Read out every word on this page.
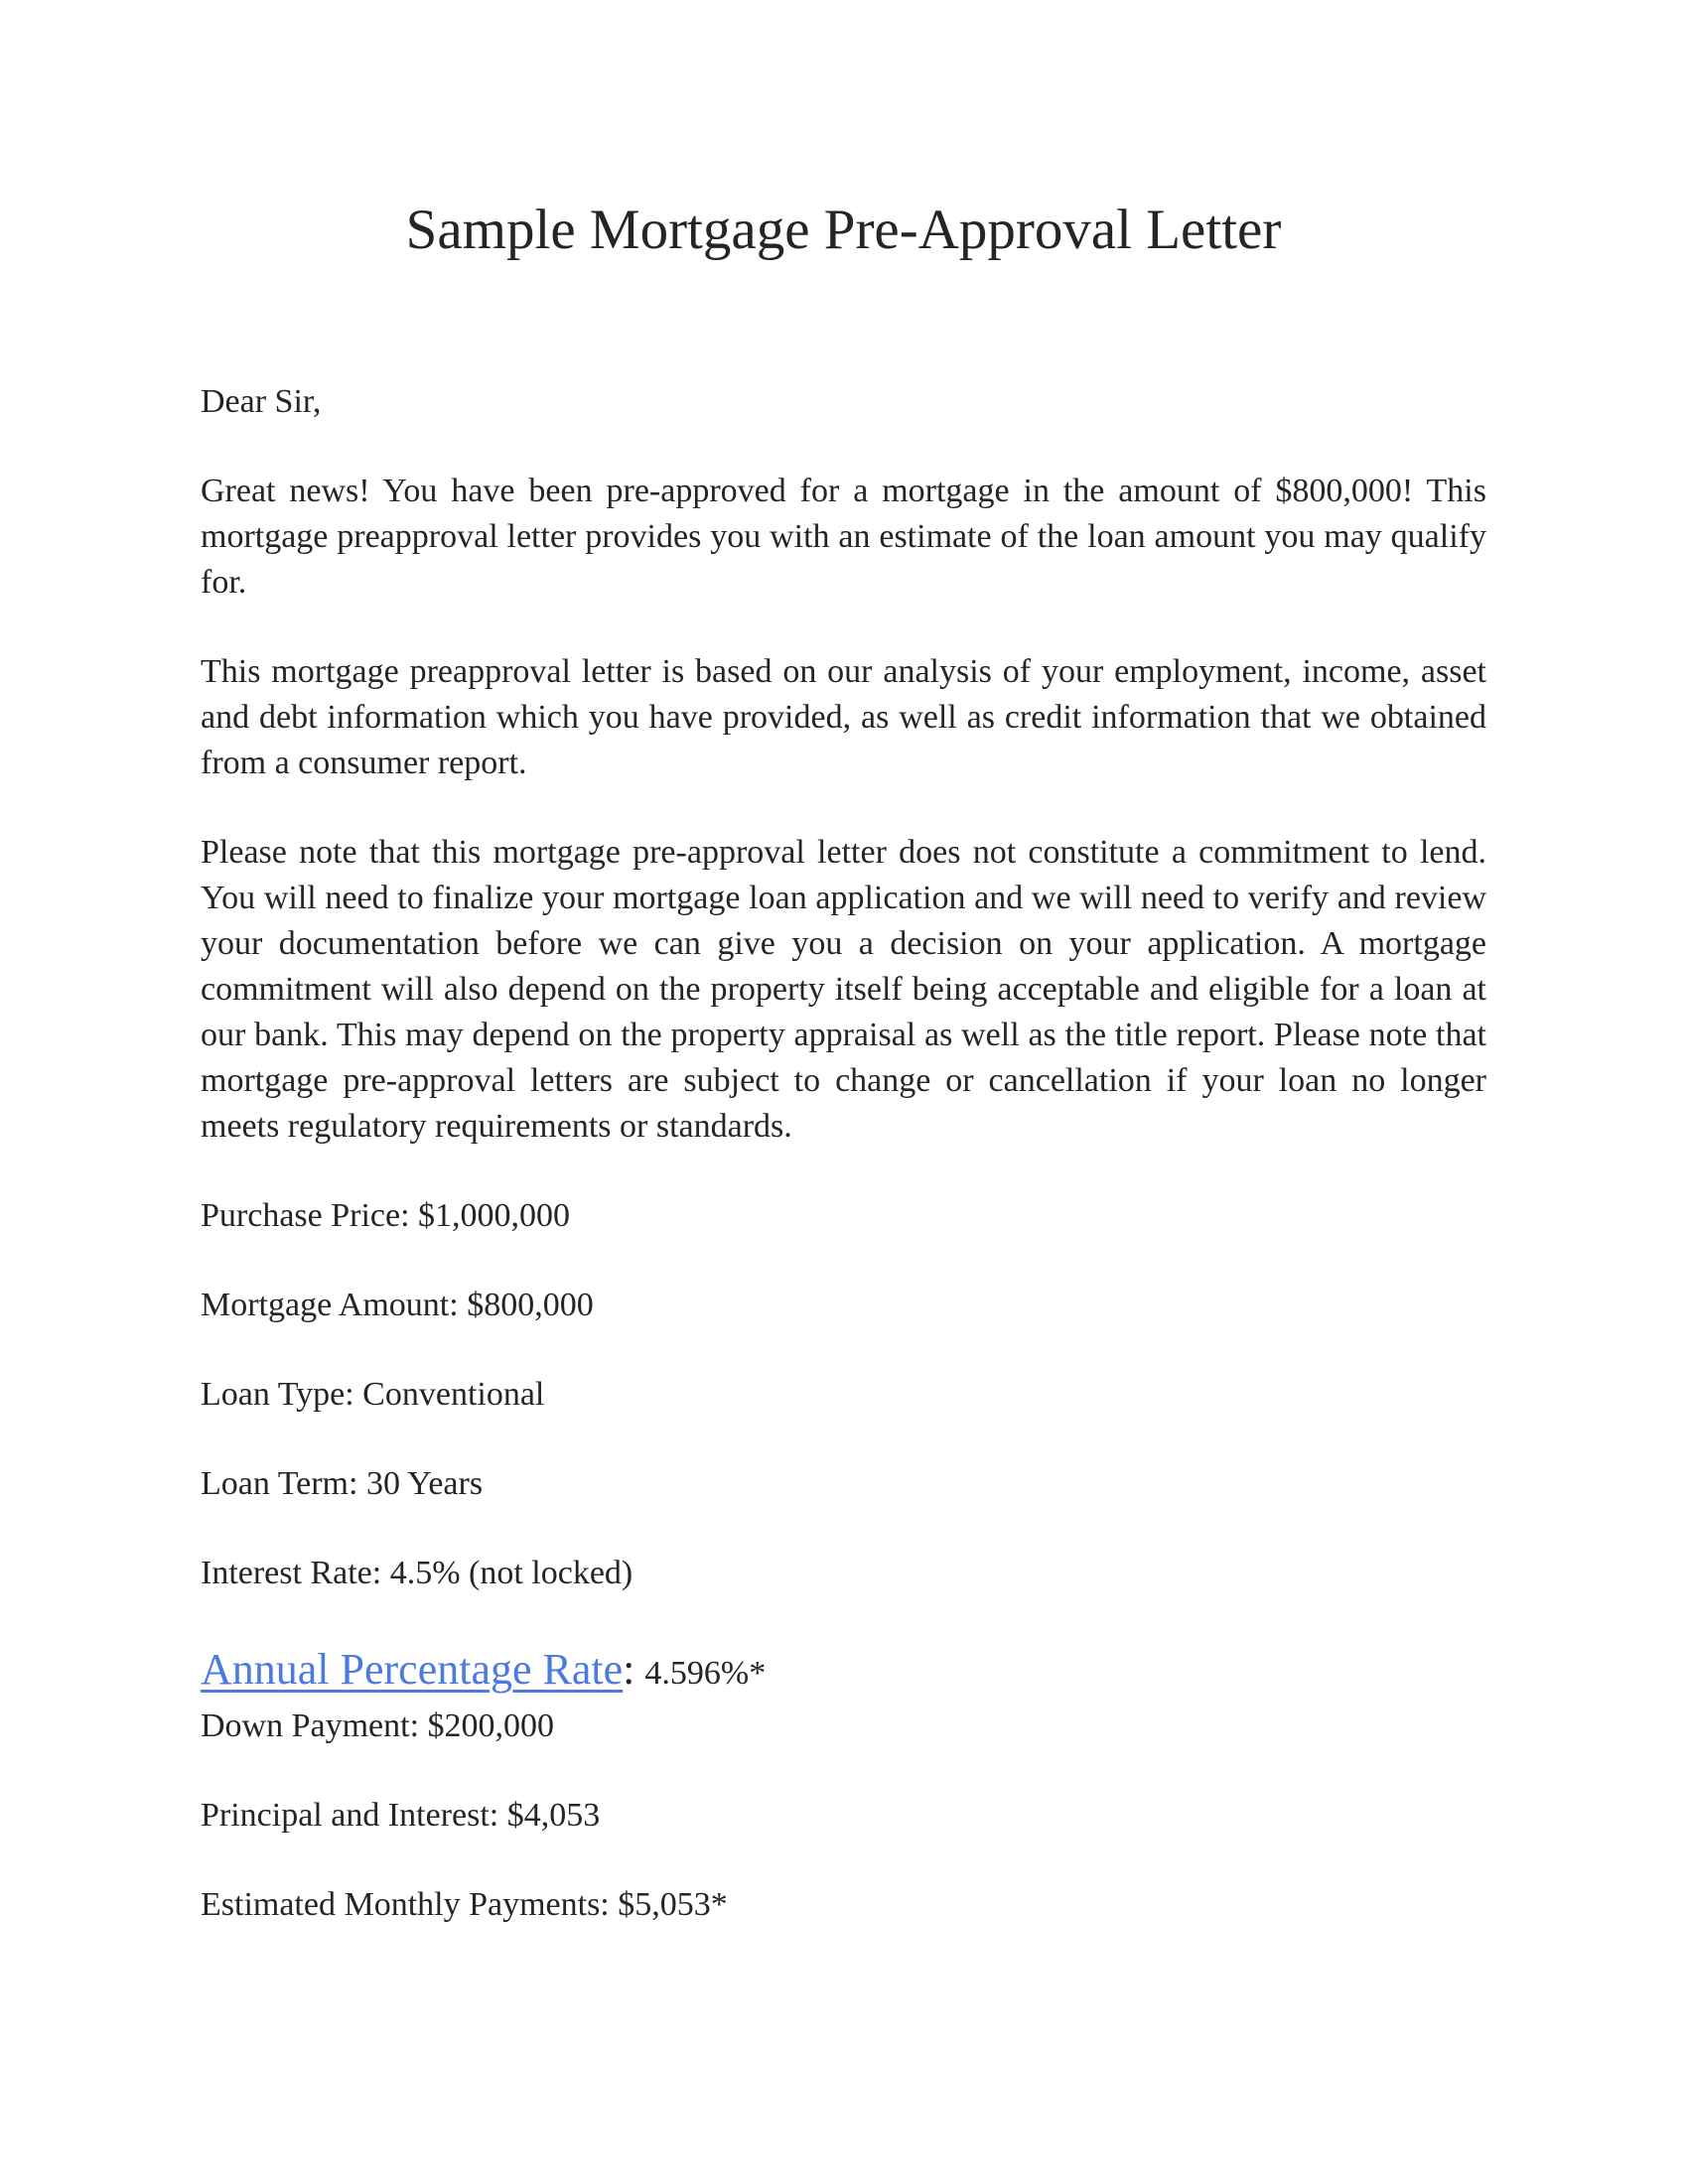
Sample Mortgage Pre-Approval Letter
Dear Sir,

Great news! You have been pre-approved for a mortgage in the amount of $800,000! This mortgage preapproval letter provides you with an estimate of the loan amount you may qualify for.

This mortgage preapproval letter is based on our analysis of your employment, income, asset and debt information which you have provided, as well as credit information that we obtained from a consumer report.

Please note that this mortgage pre-approval letter does not constitute a commitment to lend. You will need to finalize your mortgage loan application and we will need to verify and review your documentation before we can give you a decision on your application. A mortgage commitment will also depend on the property itself being acceptable and eligible for a loan at our bank. This may depend on the property appraisal as well as the title report. Please note that mortgage pre-approval letters are subject to change or cancellation if your loan no longer meets regulatory requirements or standards.

Purchase Price: $1,000,000
Mortgage Amount: $800,000
Loan Type: Conventional
Loan Term: 30 Years
Interest Rate: 4.5% (not locked)
Annual Percentage Rate: 4.596%*
Down Payment: $200,000
Principal and Interest: $4,053
Estimated Monthly Payments: $5,053*
